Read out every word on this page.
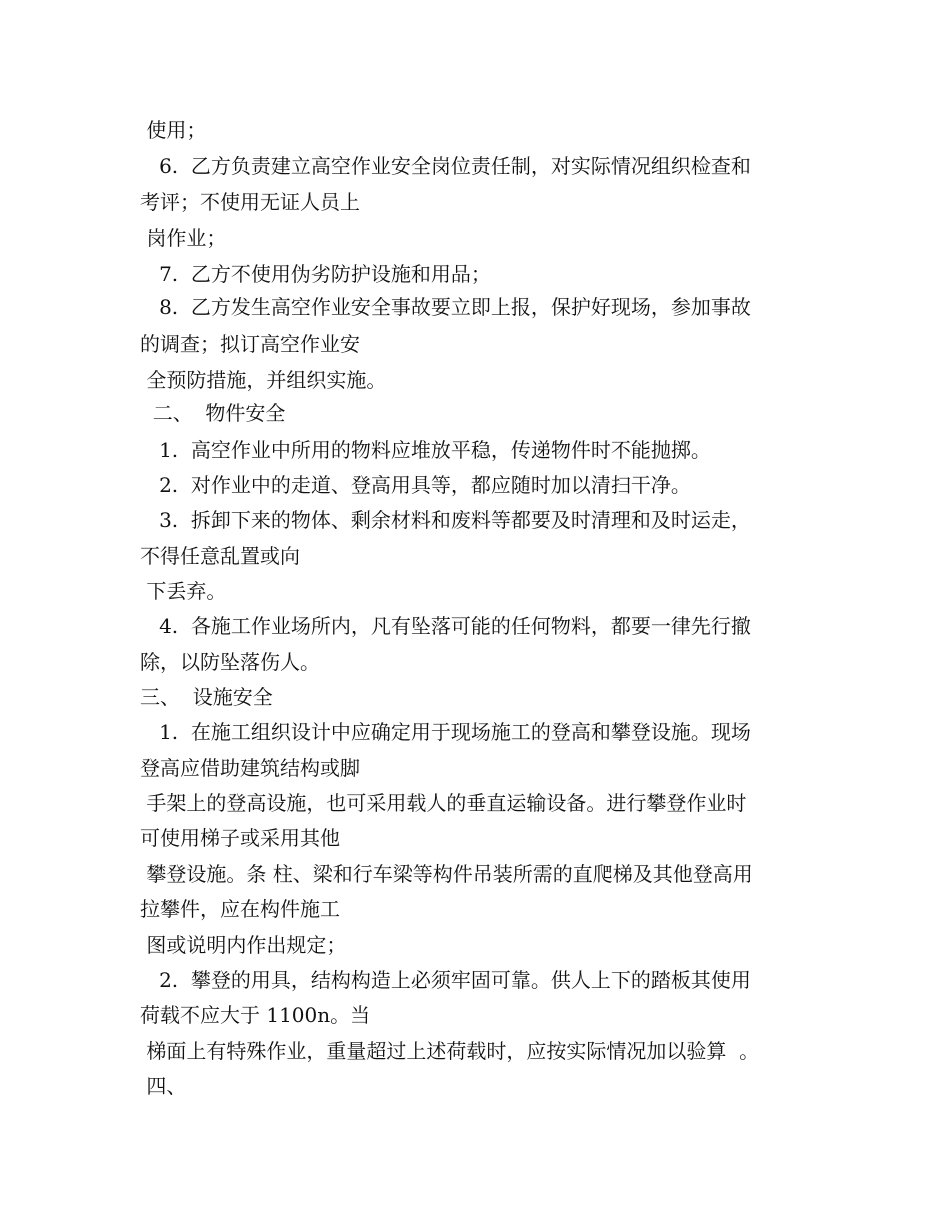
使用；
6.  乙方负责建立高空作业安全岗位责任制，对实际情况组织检查和
考评；不使用无证人员上
岗作业；
7.  乙方不使用伪劣防护设施和用品；
8.  乙方发生高空作业安全事故要立即上报，保护好现场，参加事故
的调查；拟订高空作业安
全预防措施，并组织实施。
二、  物件安全
1.  高空作业中所用的物料应堆放平稳，传递物件时不能抛掷。
2.  对作业中的走道、登高用具等，都应随时加以清扫干净。
3.  拆卸下来的物体、剩余材料和废料等都要及时清理和及时运走，
不得任意乱置或向
下丢弃。
4.  各施工作业场所内，凡有坠落可能的任何物料，都要一律先行撤
除，以防坠落伤人。
三、  设施安全
1.  在施工组织设计中应确定用于现场施工的登高和攀登设施。现场
登高应借助建筑结构或脚
手架上的登高设施，也可采用载人的垂直运输设备。进行攀登作业时
可使用梯子或采用其他
攀登设施。条 柱、梁和行车梁等构件吊装所需的直爬梯及其他登高用
拉攀件，应在构件施工
图或说明内作出规定；
2.  攀登的用具，结构构造上必须牢固可靠。供人上下的踏板其使用
荷载不应大于 1100n。当
梯面上有特殊作业，重量超过上述荷载时，应按实际情况加以验算  。
四、
